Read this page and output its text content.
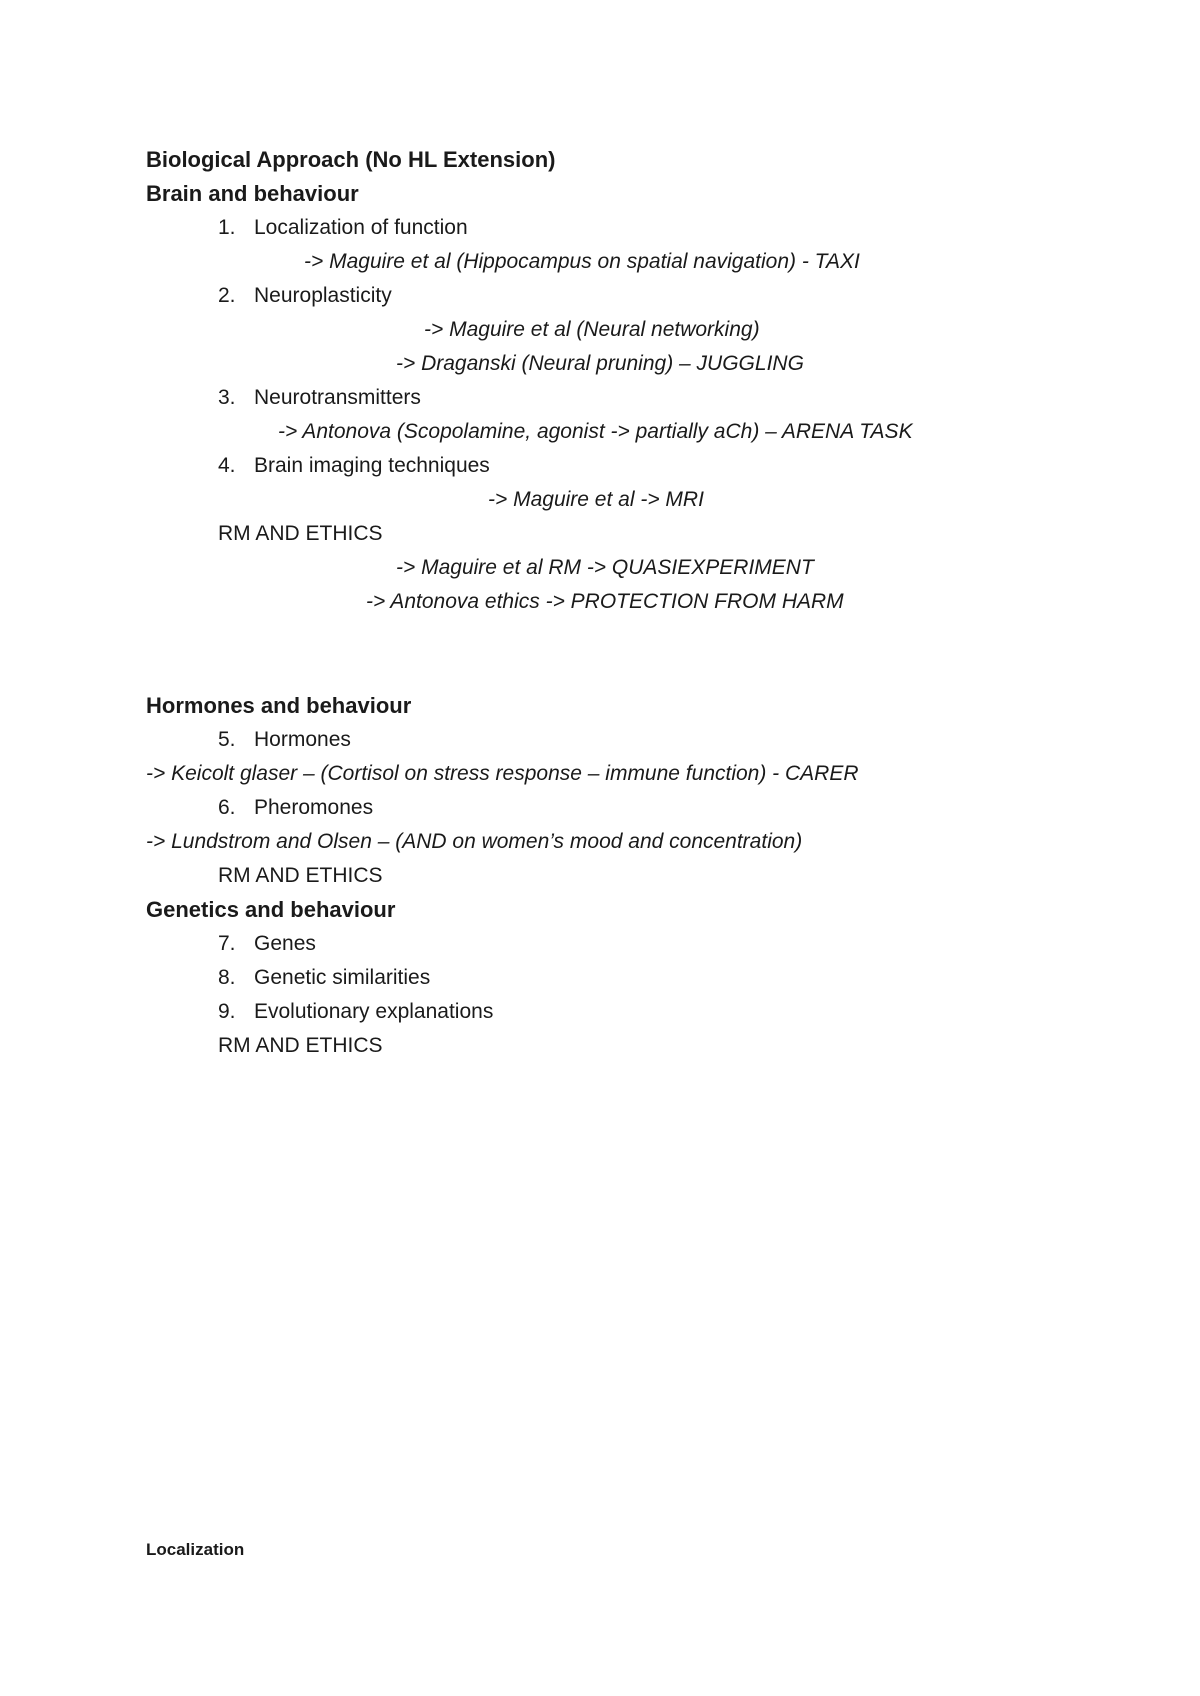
Biological Approach (No HL Extension)
Brain and behaviour
1. Localization of function
-> Maguire et al (Hippocampus on spatial navigation) - TAXI
2. Neuroplasticity
-> Maguire et al (Neural networking)
-> Draganski (Neural pruning) – JUGGLING
3. Neurotransmitters
-> Antonova (Scopolamine, agonist -> partially aCh) – ARENA TASK
4. Brain imaging techniques
-> Maguire et al -> MRI
RM AND ETHICS
-> Maguire et al RM -> QUASIEXPERIMENT
-> Antonova ethics -> PROTECTION FROM HARM
Hormones and behaviour
5. Hormones
-> Keicolt glaser – (Cortisol on stress response – immune function) - CARER
6. Pheromones
-> Lundstrom and Olsen – (AND on women’s mood and concentration)
RM AND ETHICS
Genetics and behaviour
7. Genes
8. Genetic similarities
9. Evolutionary explanations
RM AND ETHICS
Localization
